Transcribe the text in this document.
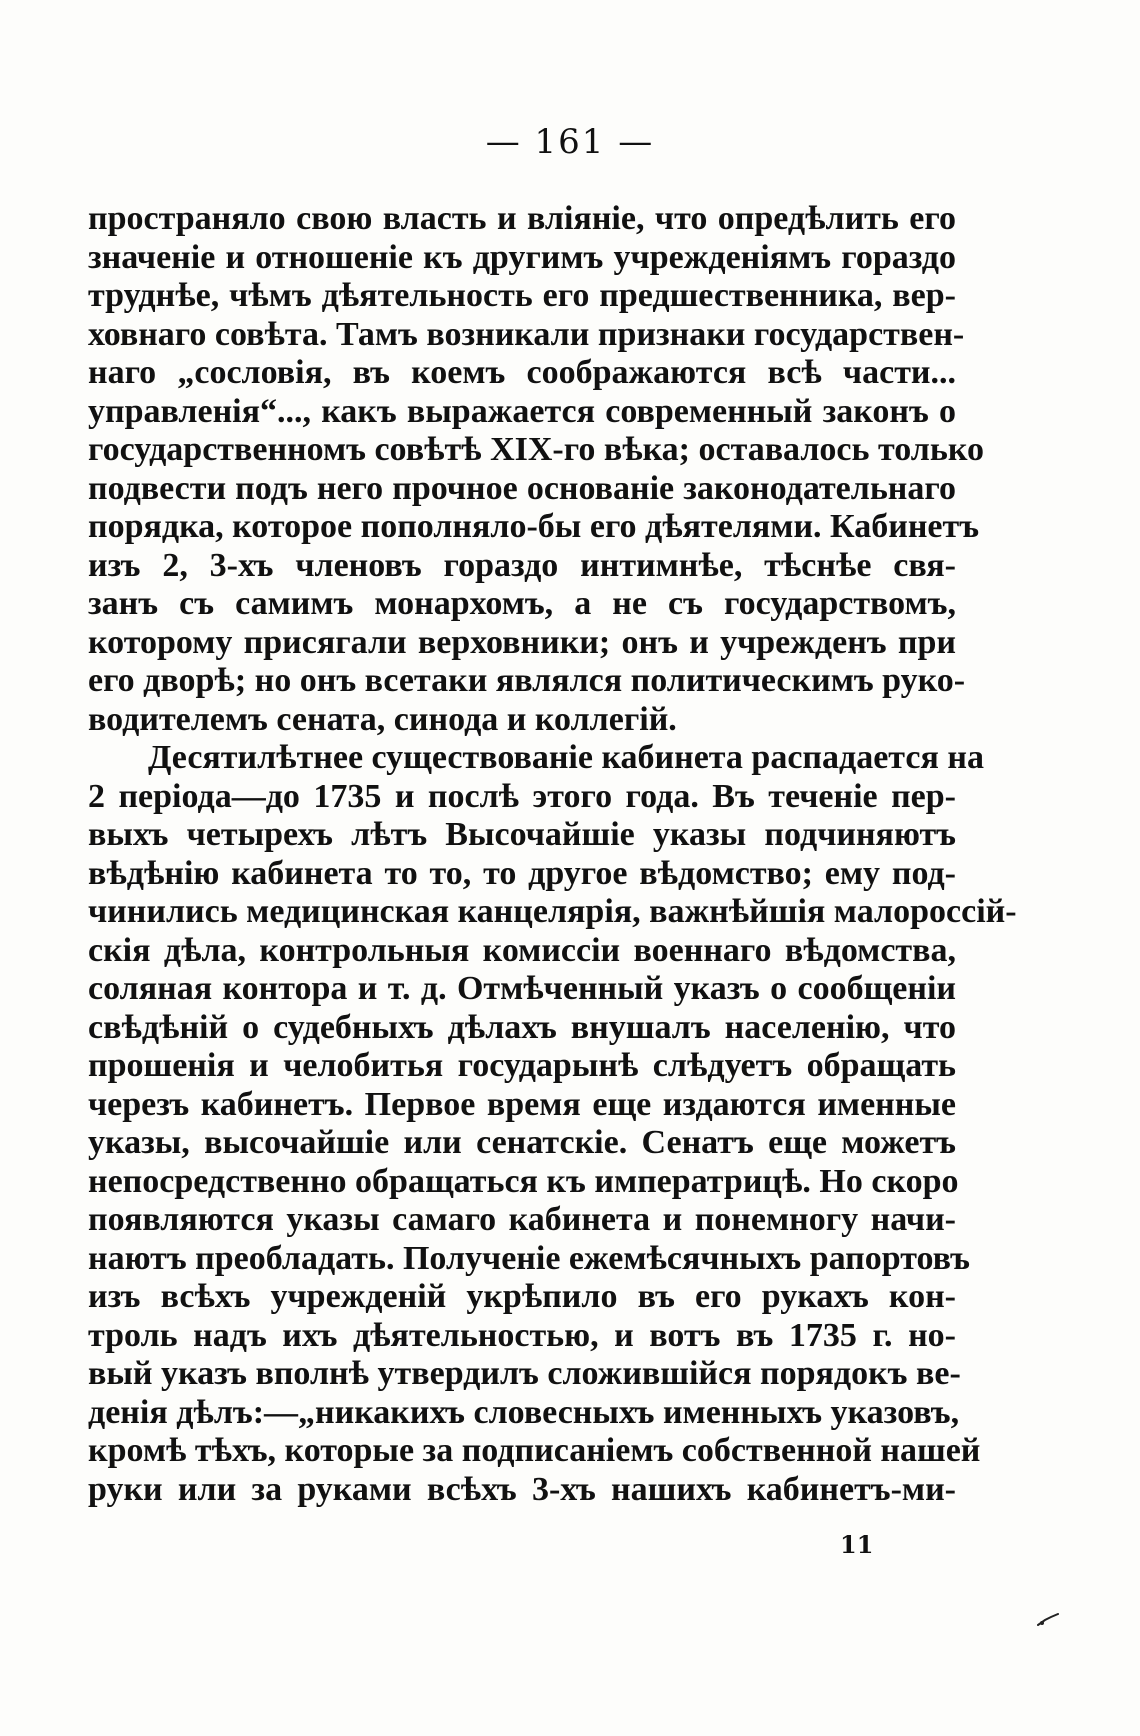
— 161 —
пространяло свою власть и вліяніе, что опредѣлить его
значеніе и отношеніе къ другимъ учрежденіямъ гораздо
труднѣе, чѣмъ дѣятельность его предшественника, вер-
ховнаго совѣта. Тамъ возникали признаки государствен-
наго „сословія, въ коемъ соображаются всѣ части...
управленія“..., какъ выражается современный законъ о
государственномъ совѣтѣ XIX-го вѣка; оставалось только
подвести подъ него прочное основаніе законодательнаго
порядка, которое пополняло-бы его дѣятелями. Кабинетъ
изъ 2, 3-хъ членовъ гораздо интимнѣе, тѣснѣе свя-
занъ съ самимъ монархомъ, а не съ государствомъ,
которому присягали верховники; онъ и учрежденъ при
его дворѣ; но онъ всетаки являлся политическимъ руко-
водителемъ сената, синода и коллегій.
Десятилѣтнее существованіе кабинета распадается на
2 періода—до 1735 и послѣ этого года. Въ теченіе пер-
выхъ четырехъ лѣтъ Высочайшіе указы подчиняютъ
вѣдѣнію кабинета то то, то другое вѣдомство; ему под-
чинились медицинская канцелярія, важнѣйшія малороссій-
скія дѣла, контрольныя комиссіи военнаго вѣдомства,
соляная контора и т. д. Отмѣченный указъ о сообщеніи
свѣдѣній о судебныхъ дѣлахъ внушалъ населенію, что
прошенія и челобитья государынѣ слѣдуетъ обращать
черезъ кабинетъ. Первое время еще издаются именные
указы, высочайшіе или сенатскіе. Сенатъ еще можетъ
непосредственно обращаться къ императрицѣ. Но скоро
появляются указы самаго кабинета и понемногу начи-
наютъ преобладать. Полученіе ежемѣсячныхъ рапортовъ
изъ всѣхъ учрежденій укрѣпило въ его рукахъ кон-
троль надъ ихъ дѣятельностью, и вотъ въ 1735 г. но-
вый указъ вполнѣ утвердилъ сложившійся порядокъ ве-
денія дѣлъ:—„никакихъ словесныхъ именныхъ указовъ,
кромѣ тѣхъ, которые за подписаніемъ собственной нашей
руки или за руками всѣхъ 3-хъ нашихъ кабинетъ-ми-
11
